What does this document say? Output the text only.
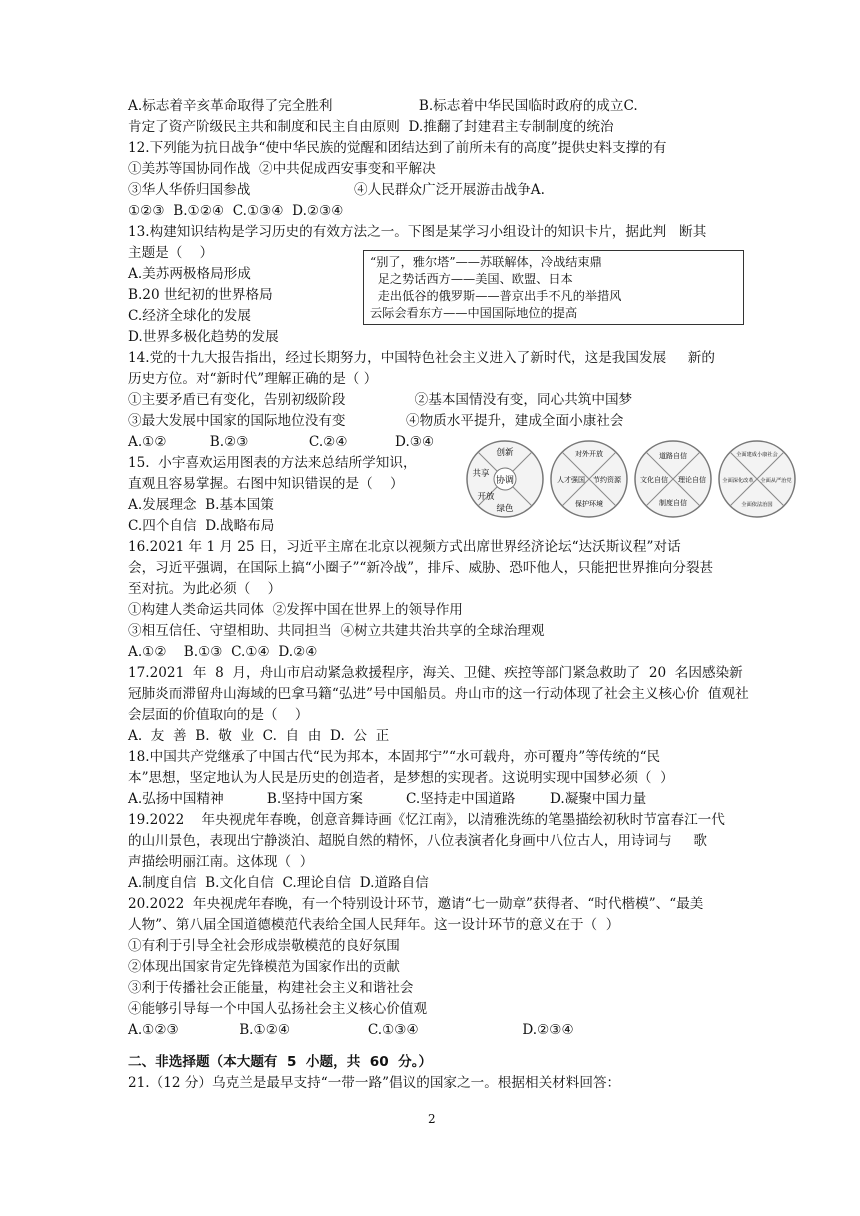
A.标志着辛亥革命取得了完全胜利                    B.标志着中华民国临时政府的成立C.
肯定了资产阶级民主共和制度和民主自由原则  D.推翻了封建君主专制制度的统治
12.下列能为抗日战争“使中华民族的觉醒和团结达到了前所未有的高度”提供史料支撑的有
①美苏等国协同作战  ②中共促成西安事变和平解决
③华人华侨归国参战                        ④人民群众广泛开展游击战争A.
①②③  B.①②④  C.①③④  D.②③④
13.构建知识结构是学习历史的有效方法之一。下图是某学习小组设计的知识卡片，据此判   断其
主题是（    ）
A.美苏两极格局形成
B.20 世纪初的世界格局
C.经济全球化的发展
D.世界多极化趋势的发展
“别了，雅尔塔”——苏联解体，冷战结束鼎
足之势话西方——美国、欧盟、日本
走出低谷的俄罗斯——普京出手不凡的举措风
云际会看东方——中国国际地位的提高
14.党的十九大报告指出，经过长期努力，中国特色社会主义进入了新时代，这是我国发展     新的
历史方位。对“新时代”理解正确的是（ ）
①主要矛盾已有变化，告别初级阶段                ②基本国情没有变，同心共筑中国梦
③最大发展中国家的国际地位没有变              ④物质水平提升，建成全面小康社会
A.①②          B.②③              C.②④           D.③④
15.  小宇喜欢运用图表的方法来总结所学知识，
直观且容易掌握。右图中知识错误的是（    ）
A.发展理念  B.基本国策
C.四个自信  D.战略布局
协调
创新
共享
开放
绿色
对外开放
人才强国 节约资源
保护环境
道路自信
文化自信 理论自信
制度自信
全面建成小康社会
全面深化改革 全面从严治党
全面依法治国
16.2021 年 1 月 25 日，习近平主席在北京以视频方式出席世界经济论坛“达沃斯议程”对话
会，习近平强调，在国际上搞“小圈子”“新冷战”，排斥、威胁、恐吓他人，只能把世界推向分裂甚
至对抗。为此必须（    ）
①构建人类命运共同体  ②发挥中国在世界上的领导作用
③相互信任、守望相助、共同担当  ④树立共建共治共享的全球治理观
A.①②    B.①③  C.①④  D.②④
17.2021  年  8  月，舟山市启动紧急救援程序，海关、卫健、疾控等部门紧急救助了  20  名因感染新
冠肺炎而滞留舟山海域的巴拿马籍“弘进”号中国船员。舟山市的这一行动体现了社会主义核心价  值观社
会层面的价值取向的是（    ）
A.  友  善  B.  敬  业  C.  自  由  D.  公  正
18.中国共产党继承了中国古代“民为邦本，本固邦宁”“水可载舟，亦可覆舟”等传统的“民
本”思想，坚定地认为人民是历史的创造者，是梦想的实现者。这说明实现中国梦必须（  ）
A.弘扬中国精神          B.坚持中国方案          C.坚持走中国道路        D.凝聚中国力量
19.2022    年央视虎年春晚，创意音舞诗画《忆江南》，以清雅洗练的笔墨描绘初秋时节富春江一代
的山川景色，表现出宁静淡泊、超脱自然的精怀，八位表演者化身画中八位古人，用诗词与     歌
声描绘明丽江南。这体现（  ）
A.制度自信  B.文化自信  C.理论自信  D.道路自信
20.2022  年央视虎年春晚，有一个特别设计环节，邀请“七一勋章”获得者、“时代楷模”、“最美
人物”、第八届全国道德模范代表给全国人民拜年。这一设计环节的意义在于（  ）
①有利于引导全社会形成崇敬模范的良好氛围
②体现出国家肯定先锋模范为国家作出的贡献
③利于传播社会正能量，构建社会主义和谐社会
④能够引导每一个中国人弘扬社会主义核心价值观
A.①②③              B.①②④                  C.①③④                        D.②③④
二、非选择题（本大题有  5  小题，共  60  分。）
21.（12 分）乌克兰是最早支持“一带一路”倡议的国家之一。根据相关材料回答：
2
